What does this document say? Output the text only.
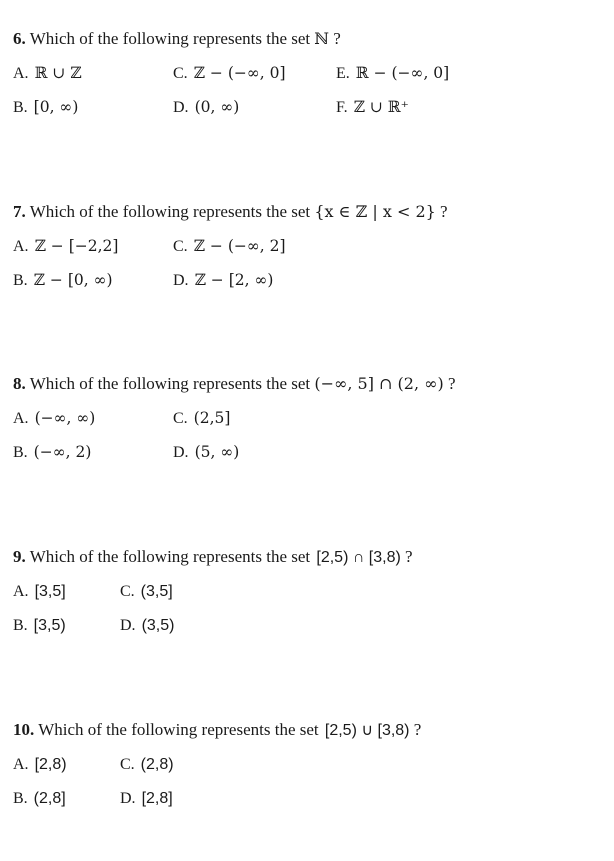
6. Which of the following represents the set ℕ ?
A. ℝ ∪ ℤ	C. ℤ − (−∞, 0]	E. ℝ − (−∞, 0]
B. [0, ∞)	D. (0, ∞)	F. ℤ ∪ ℝ⁺
7. Which of the following represents the set {x ∈ ℤ | x < 2} ?
A. ℤ − [−2,2]	C. ℤ − (−∞, 2]
B. ℤ − [0, ∞)	D. ℤ − [2, ∞)
8. Which of the following represents the set (−∞, 5] ∩ (2, ∞) ?
A. (−∞, ∞)	C. (2,5]
B. (−∞, 2)	D. (5, ∞)
9. Which of the following represents the set [2,5) ∩ [3,8) ?
A. [3,5]	C. (3,5]
B. [3,5)	D. (3,5)
10. Which of the following represents the set [2,5) ∪ [3,8) ?
A. [2,8)	C. (2,8)
B. (2,8]	D. [2,8]
